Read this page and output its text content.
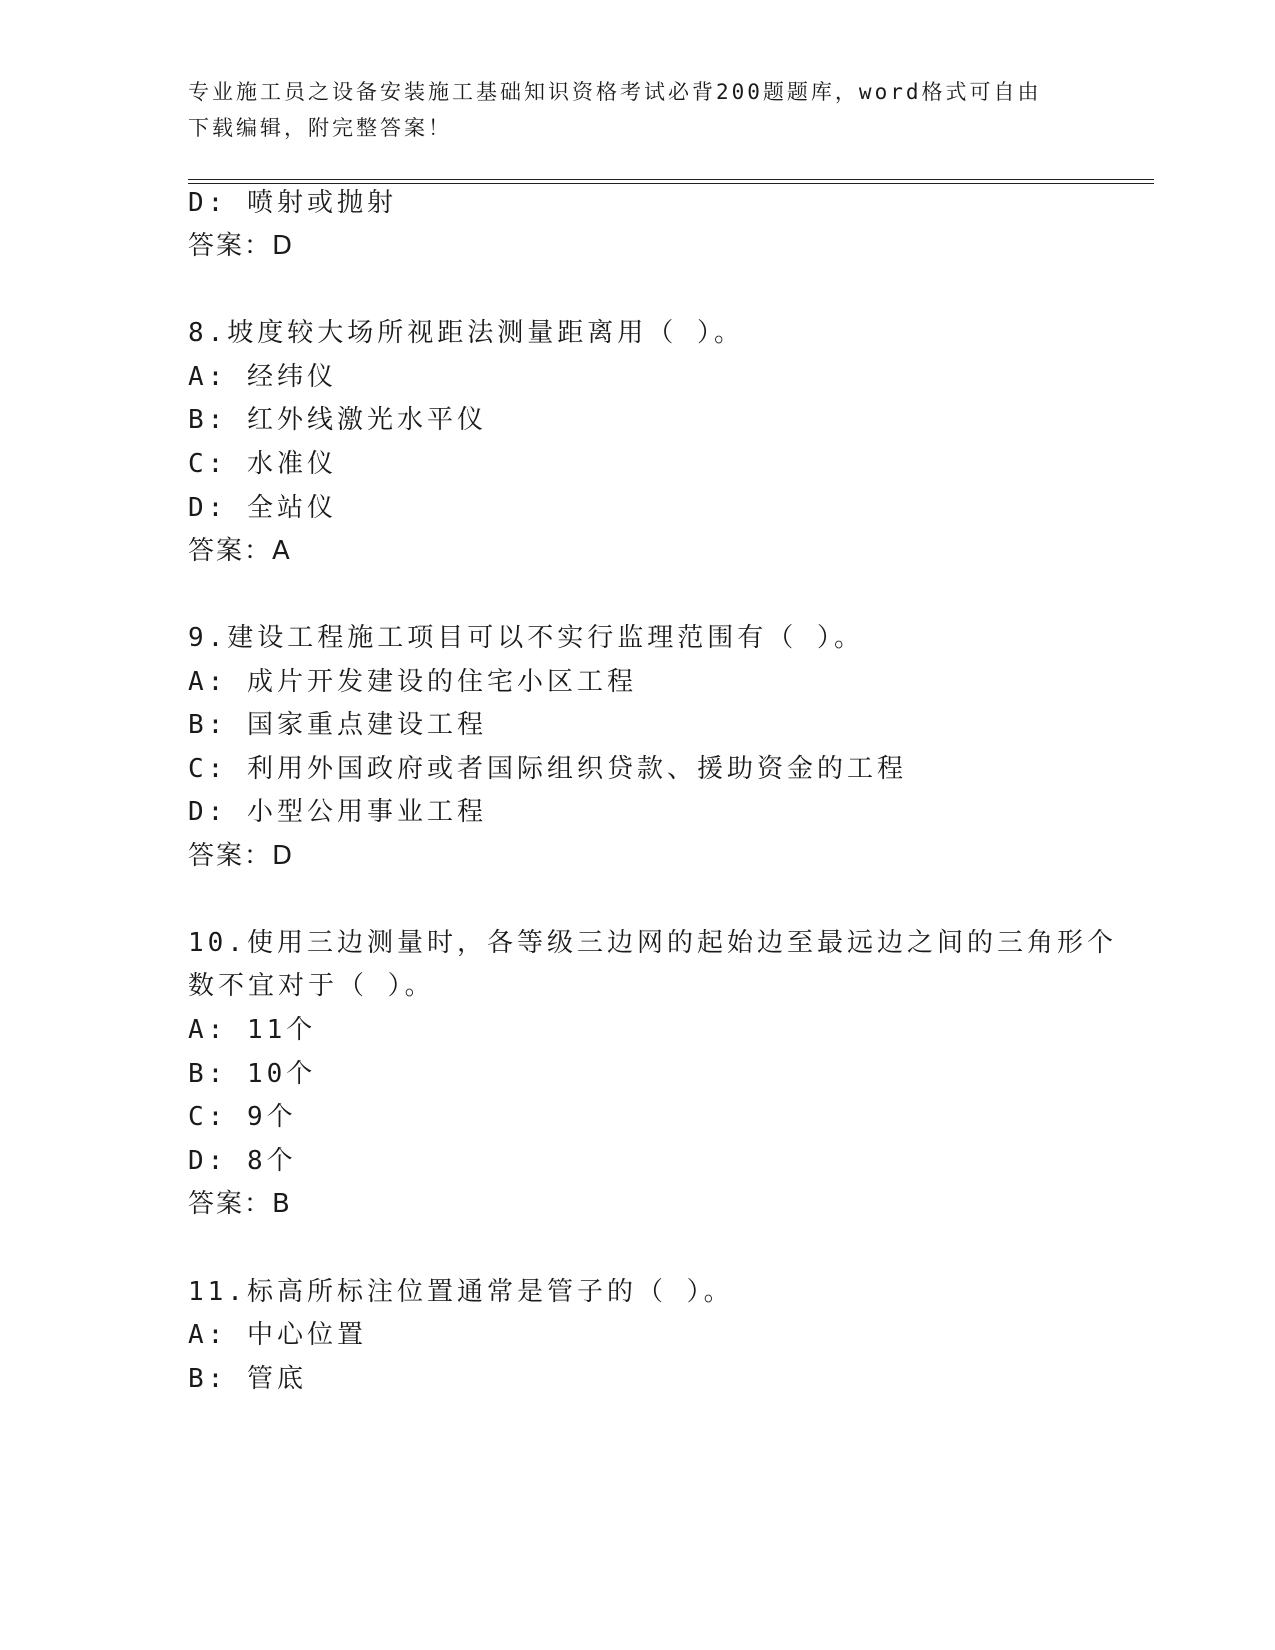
专业施工员之设备安装施工基础知识资格考试必背200题题库，word格式可自由
下载编辑，附完整答案！

D: 喷射或抛射

答案：D

8.坡度较大场所视距法测量距离用（ ）。

A: 经纬仪

B: 红外线激光水平仪

C: 水准仪

D: 全站仪

答案：A

9.建设工程施工项目可以不实行监理范围有（ ）。

A: 成片开发建设的住宅小区工程

B: 国家重点建设工程

C: 利用外国政府或者国际组织贷款、援助资金的工程

D: 小型公用事业工程

答案：D

10.使用三边测量时，各等级三边网的起始边至最远边之间的三角形个

数不宜对于（ ）。

A: 11个

B: 10个

C: 9个

D: 8个

答案：B

11.标高所标注位置通常是管子的（ ）。

A: 中心位置

B: 管底
